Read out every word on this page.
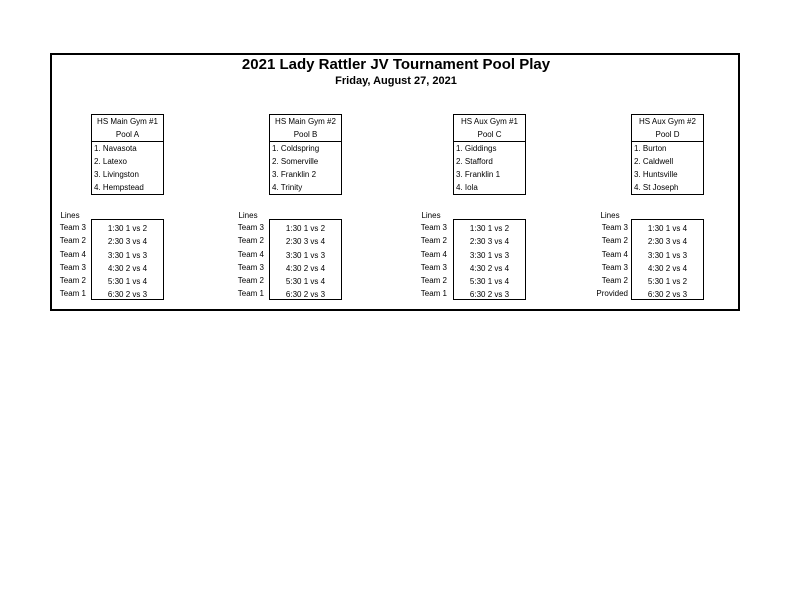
2021 Lady Rattler JV Tournament Pool Play
Friday, August 27, 2021
HS Main Gym #1
Pool A
1. Navasota
2. Latexo
3. Livingston
4. Hempstead
Lines
Team 3
Team 2
Team 4
Team 3
Team 2
Team 1
1:30 1 vs 2
2:30 3 vs 4
3:30 1 vs 3
4:30 2 vs 4
5:30 1 vs 4
6:30 2 vs 3
HS Main Gym #2
Pool B
1. Coldspring
2. Somerville
3. Franklin 2
4. Trinity
Lines
Team 3
Team 2
Team 4
Team 3
Team 2
Team 1
1:30 1 vs 2
2:30 3 vs 4
3:30 1 vs 3
4:30 2 vs 4
5:30 1 vs 4
6:30 2 vs 3
HS Aux Gym #1
Pool C
1. Giddings
2. Stafford
3. Franklin 1
4. Iola
Lines
Team 3
Team 2
Team 4
Team 3
Team 2
Team 1
1:30 1 vs 2
2:30 3 vs 4
3:30 1 vs 3
4:30 2 vs 4
5:30 1 vs 4
6:30 2 vs 3
HS Aux Gym #2
Pool D
1. Burton
2. Caldwell
3. Huntsville
4. St Joseph
Lines
Team 3
Team 2
Team 4
Team 3
Team 2
Provided
1:30 1 vs 4
2:30 3 vs 4
3:30 1 vs 3
4:30 2 vs 4
5:30 1 vs 2
6:30 2 vs 3
